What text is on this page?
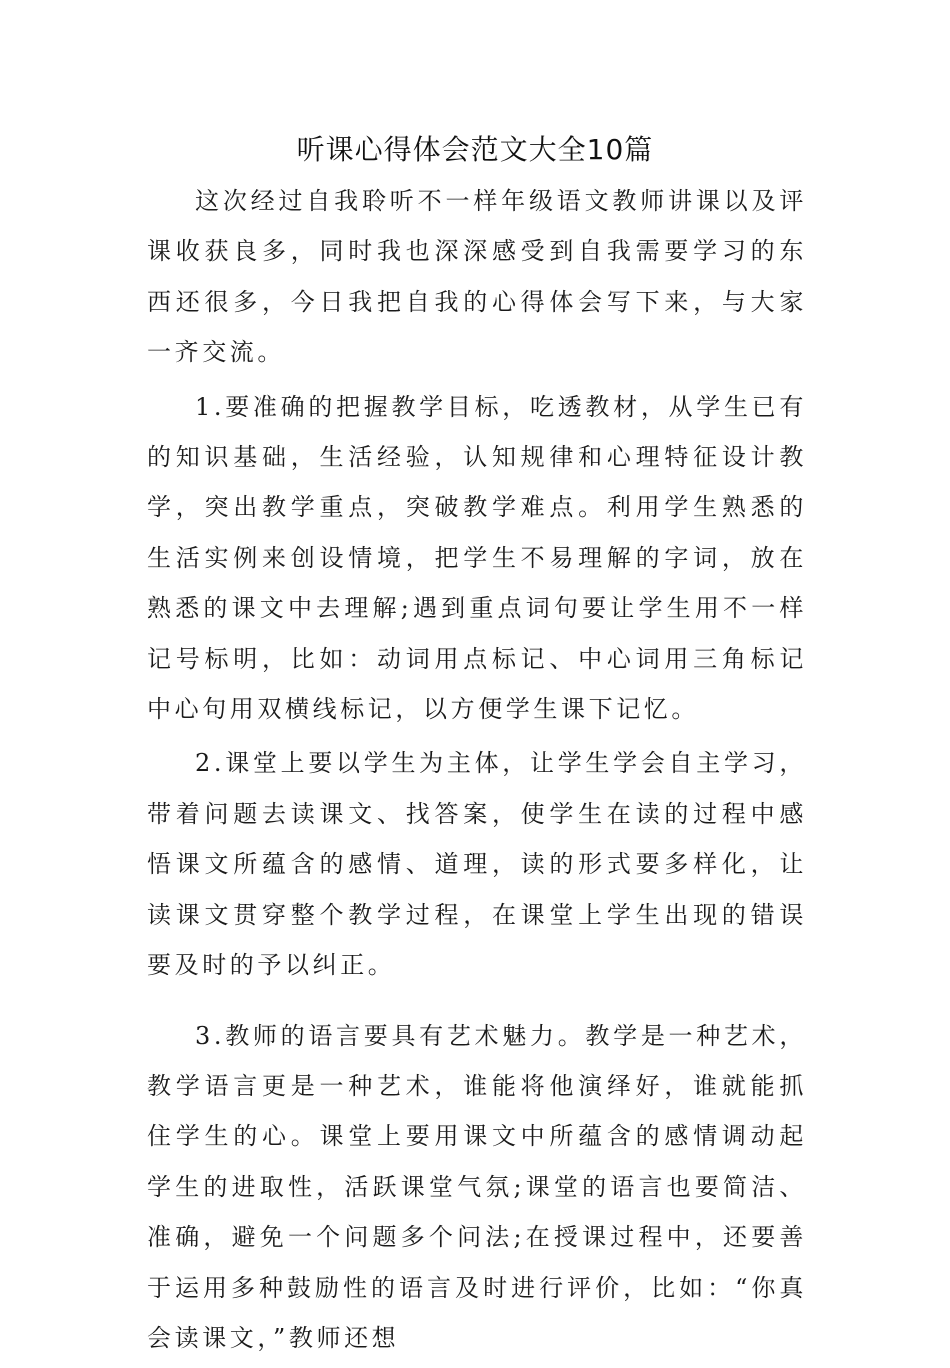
听课心得体会范文大全10篇

这次经过自我聆听不一样年级语文教师讲课以及评课收获良多，同时我也深深感受到自我需要学习的东西还很多，今日我把自我的心得体会写下来，与大家一齐交流。

1.要准确的把握教学目标，吃透教材，从学生已有的知识基础，生活经验，认知规律和心理特征设计教学，突出教学重点，突破教学难点。利用学生熟悉的生活实例来创设情境，把学生不易理解的字词，放在熟悉的课文中去理解;遇到重点词句要让学生用不一样记号标明，比如：动词用点标记、中心词用三角标记中心句用双横线标记，以方便学生课下记忆。

2.课堂上要以学生为主体，让学生学会自主学习，带着问题去读课文、找答案，使学生在读的过程中感悟课文所蕴含的感情、道理，读的形式要多样化，让读课文贯穿整个教学过程，在课堂上学生出现的错误要及时的予以纠正。

3.教师的语言要具有艺术魅力。教学是一种艺术，教学语言更是一种艺术，谁能将他演绎好，谁就能抓住学生的心。课堂上要用课文中所蕴含的感情调动起学生的进取性，活跃课堂气氛;课堂的语言也要简洁、准确，避免一个问题多个问法;在授课过程中，还要善于运用多种鼓励性的语言及时进行评价，比如：“你真会读课文，”教师还想
